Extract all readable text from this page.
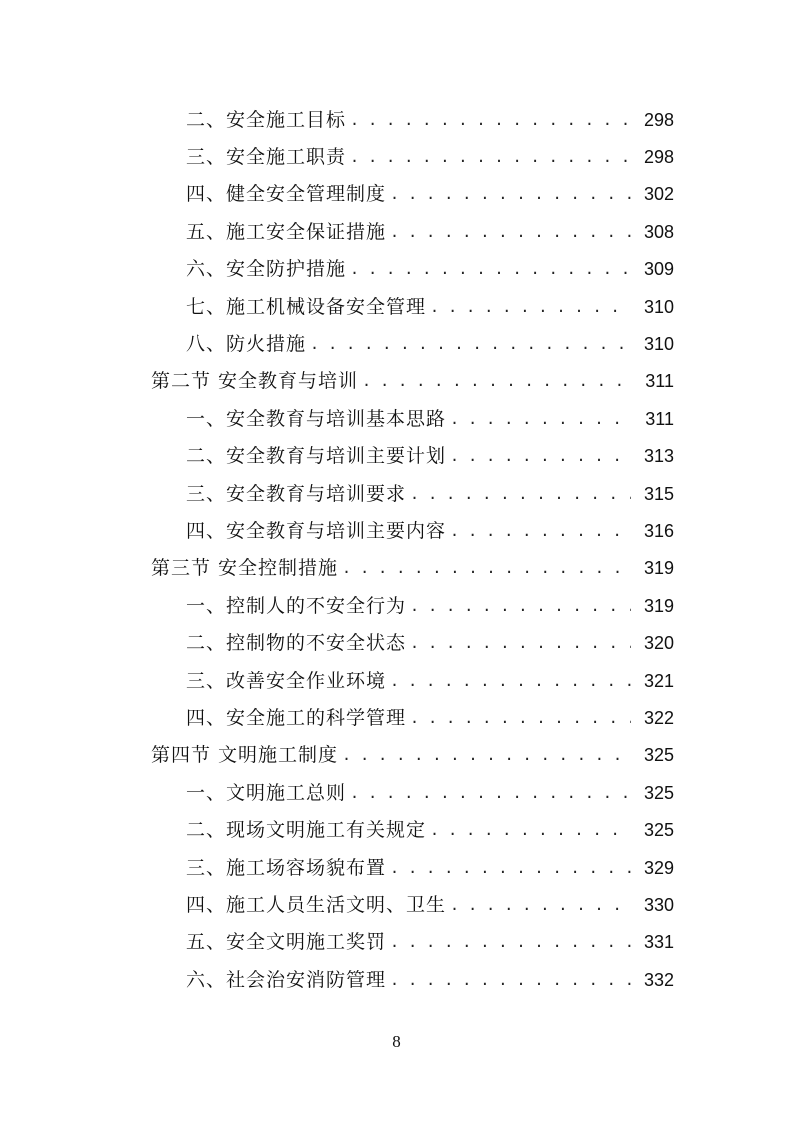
二、安全施工目标 . . .	298
三、安全施工职责 . . .	298
四、健全安全管理制度 . . .	302
五、施工安全保证措施 . . .	308
六、安全防护措施 . . .	309
七、施工机械设备安全管理 . . .	310
八、防火措施 . . .	310
第二节 安全教育与培训 . . .	311
一、安全教育与培训基本思路 . . .	311
二、安全教育与培训主要计划 . . .	313
三、安全教育与培训要求 . . .	315
四、安全教育与培训主要内容 . . .	316
第三节 安全控制措施 . . .	319
一、控制人的不安全行为 . . .	319
二、控制物的不安全状态 . . .	320
三、改善安全作业环境 . . .	321
四、安全施工的科学管理 . . .	322
第四节 文明施工制度 . . .	325
一、文明施工总则 . . .	325
二、现场文明施工有关规定 . . .	325
三、施工场容场貌布置 . . .	329
四、施工人员生活文明、卫生 . . .	330
五、安全文明施工奖罚 . . .	331
六、社会治安消防管理 . . .	332
8
